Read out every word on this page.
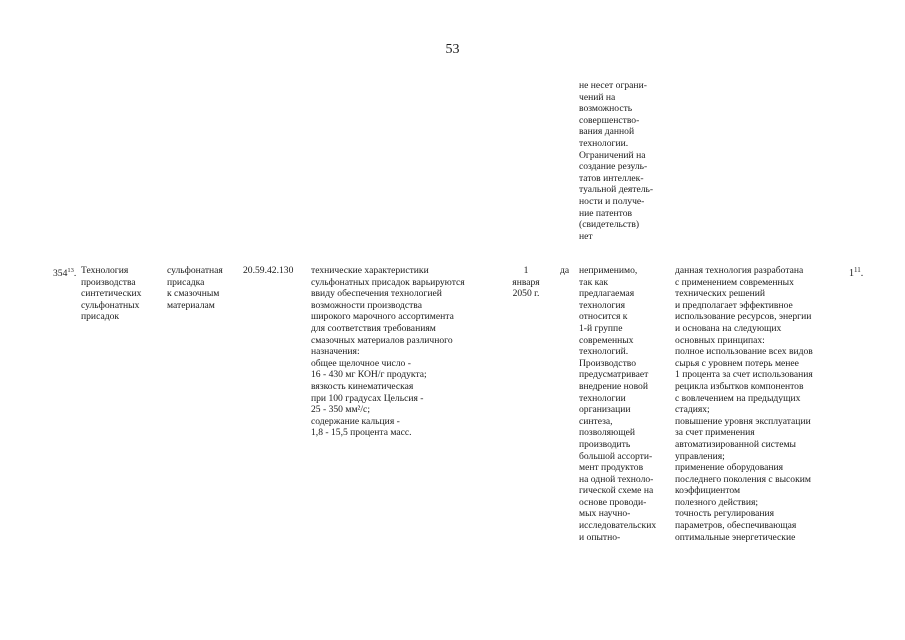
53
не несет ограни-
чений на
возможность
совершенство-
вания данной
технологии.
Ограничений на
создание резуль-
татов интеллек-
туальной деятель-
ности и получе-
ние патентов
(свидетельств)
нет
$354^{13}$. Технология
производства
синтетических
сульфонатных
присадок
сульфонатная
присадка
к смазочным
материалам
20.59.42.130	технические характеристики
сульфонатных присадок варьируются
ввиду обеспечения технологией
возможности производства
широкого марочного ассортимента
для соответствия требованиям
смазочных материалов различного
назначения:
общее щелочное число -
16 - 430 мг КОН/г продукта;
вязкость кинематическая
при 100 градусах Цельсия -
25 - 350 мм²/с;
содержание кальция -
1,8 - 15,5 процента масс.
1
января
2050 г.
да	неприменимо,
так как
предлагаемая
технология
относится к
1-й группе
современных
технологий.
Производство
предусматривает
внедрение новой
технологии
организации
синтеза,
позволяющей
производить
большой ассорти-
мент продуктов
на одной техноло-
гической схеме на
основе проводи-
мых научно-
исследовательских
и опытно-
данная технология разработана
с применением современных
технических решений
и предполагает эффективное
использование ресурсов, энергии
и основана на следующих
основных принципах:
полное использование всех видов
сырья с уровнем потерь менее
1 процента за счет использования
рецикла избытков компонентов
с вовлечением на предыдущих
стадиях;
повышение уровня эксплуатации
за счет применения
автоматизированной системы
управления;
применение оборудования
последнего поколения с высоким
коэффициентом
полезного действия;
точность регулирования
параметров, обеспечивающая
оптимальные энергетические
$1^{11}$.
